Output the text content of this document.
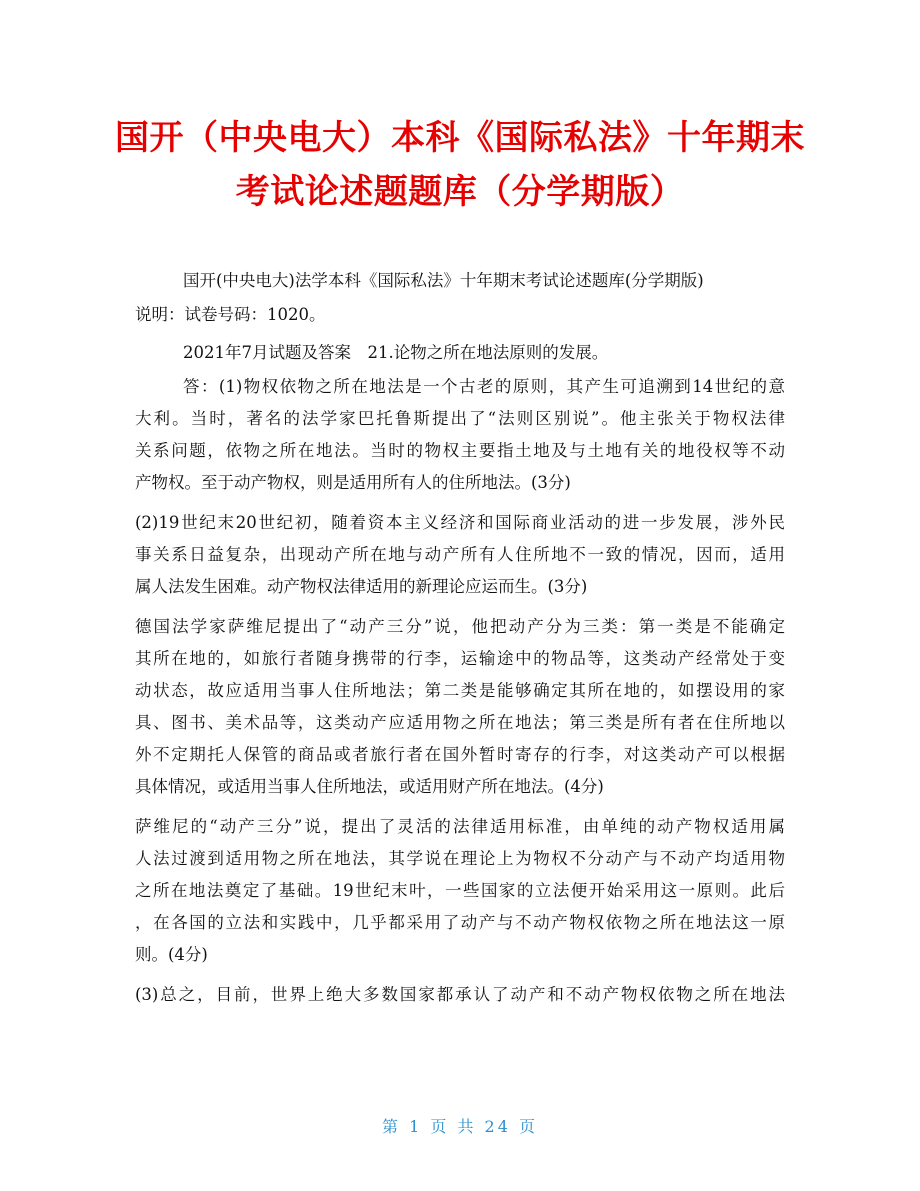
国开（中央电大）本科《国际私法》十年期末
考试论述题题库（分学期版）
国开(中央电大)法学本科《国际私法》十年期末考试论述题库(分学期版)
说明：试卷号码：1020。
2021年7月试题及答案　21.论物之所在地法原则的发展。
答：(1)物权依物之所在地法是一个古老的原则，其产生可追溯到14世纪的意
大利。当时，著名的法学家巴托鲁斯提出了“法则区别说”。他主张关于物权法律
关系问题，依物之所在地法。当时的物权主要指土地及与土地有关的地役权等不动
产物权。至于动产物权，则是适用所有人的住所地法。(3分)
(2)19世纪末20世纪初，随着资本主义经济和国际商业活动的进一步发展，涉外民
事关系日益复杂，出现动产所在地与动产所有人住所地不一致的情况，因而，适用
属人法发生困难。动产物权法律适用的新理论应运而生。(3分)
德国法学家萨维尼提出了“动产三分”说，他把动产分为三类：第一类是不能确定
其所在地的，如旅行者随身携带的行李，运输途中的物品等，这类动产经常处于变
动状态，故应适用当事人住所地法；第二类是能够确定其所在地的，如摆设用的家
具、图书、美术品等，这类动产应适用物之所在地法；第三类是所有者在住所地以
外不定期托人保管的商品或者旅行者在国外暂时寄存的行李，对这类动产可以根据
具体情况，或适用当事人住所地法，或适用财产所在地法。(4分)
萨维尼的“动产三分”说，提出了灵活的法律适用标准，由单纯的动产物权适用属
人法过渡到适用物之所在地法，其学说在理论上为物权不分动产与不动产均适用物
之所在地法奠定了基础。19世纪末叶，一些国家的立法便开始采用这一原则。此后
，在各国的立法和实践中，几乎都采用了动产与不动产物权依物之所在地法这一原
则。(4分)
(3)总之，目前，世界上绝大多数国家都承认了动产和不动产物权依物之所在地法
第 1 页 共 24 页
